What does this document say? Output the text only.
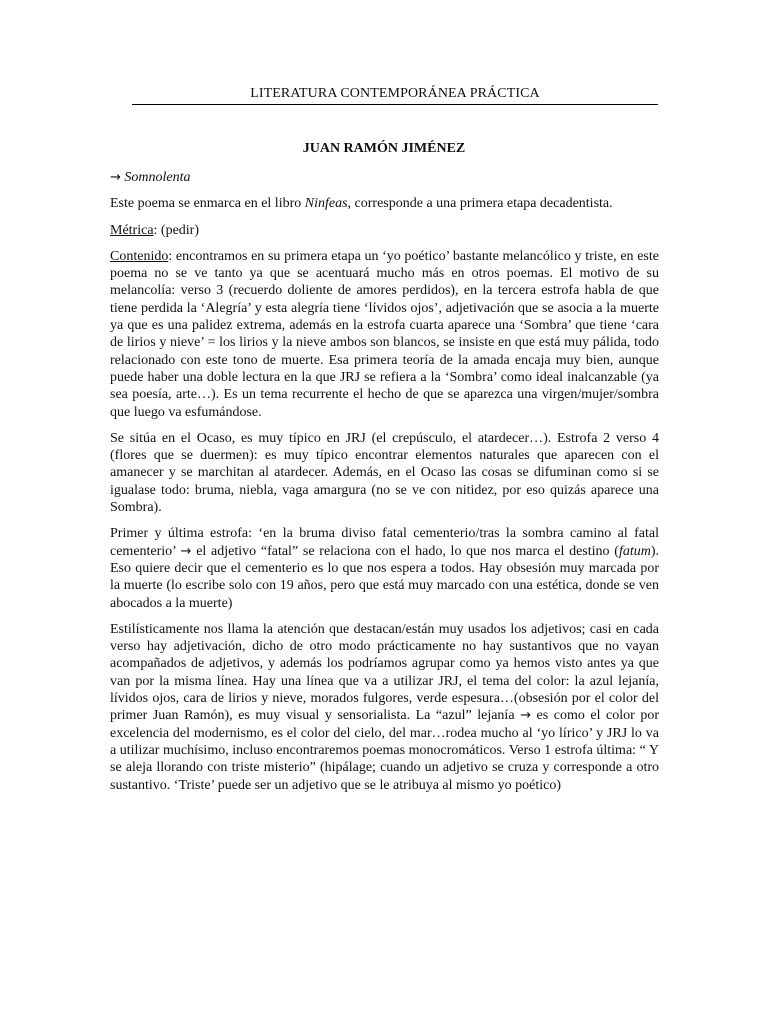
LITERATURA CONTEMPORÁNEA PRÁCTICA
JUAN RAMÓN JIMÉNEZ

→ Somnolenta

Este poema se enmarca en el libro Ninfeas, corresponde a una primera etapa decadentista.

Métrica: (pedir)

Contenido: encontramos en su primera etapa un ‘yo poético’ bastante melancólico y triste, en este poema no se ve tanto ya que se acentuará mucho más en otros poemas. El motivo de su melancolía: verso 3 (recuerdo doliente de amores perdidos), en la tercera estrofa habla de que tiene perdida la ‘Alegría’ y esta alegría tiene ‘lívidos ojos’, adjetivación que se asocia a la muerte ya que es una palidez extrema, además en la estrofa cuarta aparece una ‘Sombra’ que tiene ‘cara de lirios y nieve’ = los lirios y la nieve ambos son blancos, se insiste en que está muy pálida, todo relacionado con este tono de muerte. Esa primera teoría de la amada encaja muy bien, aunque puede haber una doble lectura en la que JRJ se refiera a la ‘Sombra’ como ideal inalcanzable (ya sea poesía, arte…). Es un tema recurrente el hecho de que se aparezca una virgen/mujer/sombra que luego va esfumándose.

Se sitúa en el Ocaso, es muy típico en JRJ (el crepúsculo, el atardecer…). Estrofa 2 verso 4 (flores que se duermen): es muy típico encontrar elementos naturales que aparecen con el amanecer y se marchitan al atardecer. Además, en el Ocaso las cosas se difuminan como si se igualase todo: bruma, niebla, vaga amargura (no se ve con nitidez, por eso quizás aparece una Sombra).

Primer y última estrofa: ‘en la bruma diviso fatal cementerio/tras la sombra camino al fatal cementerio’ → el adjetivo “fatal” se relaciona con el hado, lo que nos marca el destino (fatum). Eso quiere decir que el cementerio es lo que nos espera a todos. Hay obsesión muy marcada por la muerte (lo escribe solo con 19 años, pero que está muy marcado con una estética, donde se ven abocados a la muerte)

Estilísticamente nos llama la atención que destacan/están muy usados los adjetivos; casi en cada verso hay adjetivación, dicho de otro modo prácticamente no hay sustantivos que no vayan acompañados de adjetivos, y además los podríamos agrupar como ya hemos visto antes ya que van por la misma línea. Hay una línea que va a utilizar JRJ, el tema del color: la azul lejanía, lívidos ojos, cara de lirios y nieve, morados fulgores, verde espesura…(obsesión por el color del primer Juan Ramón), es muy visual y sensorialista. La “azul” lejanía → es como el color por excelencia del modernismo, es el color del cielo, del mar…rodea mucho al ‘yo lírico’ y JRJ lo va a utilizar muchísimo, incluso encontraremos poemas monocromáticos. Verso 1 estrofa última: “ Y se aleja llorando con triste misterio” (hipálage; cuando un adjetivo se cruza y corresponde a otro sustantivo. ‘Triste’ puede ser un adjetivo que se le atribuya al mismo yo poético)
